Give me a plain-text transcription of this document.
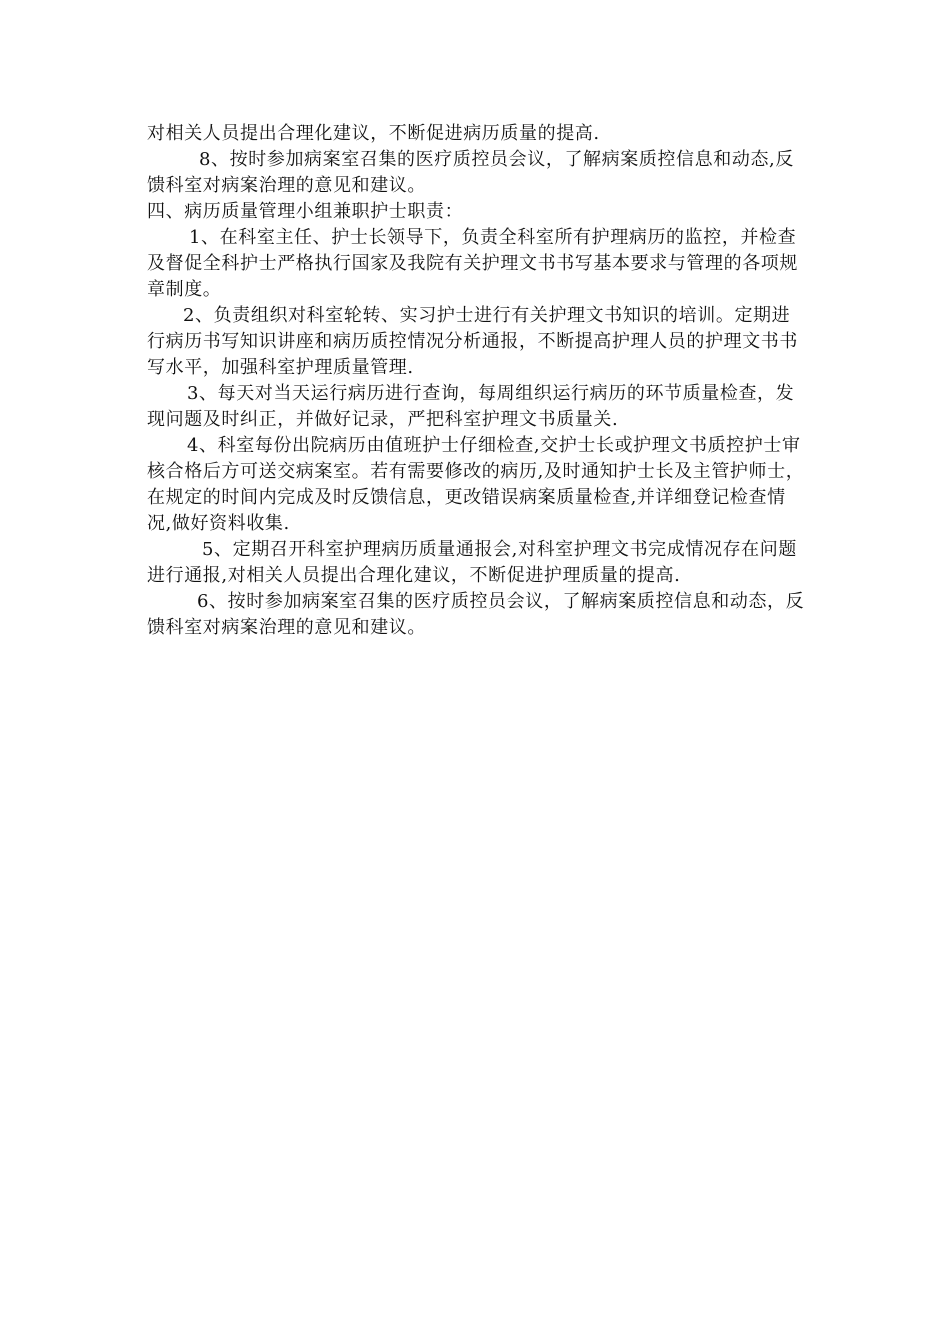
对相关人员提出合理化建议，不断促进病历质量的提高.

8、按时参加病案室召集的医疗质控员会议，了解病案质控信息和动态,反馈科室对病案治理的意见和建议。

四、病历质量管理小组兼职护士职责：

1、在科室主任、护士长领导下，负责全科室所有护理病历的监控，并检查及督促全科护士严格执行国家及我院有关护理文书书写基本要求与管理的各项规章制度。

2、负责组织对科室轮转、实习护士进行有关护理文书知识的培训。定期进行病历书写知识讲座和病历质控情况分析通报，不断提高护理人员的护理文书书写水平，加强科室护理质量管理.

3、每天对当天运行病历进行查询，每周组织运行病历的环节质量检查，发现问题及时纠正，并做好记录，严把科室护理文书质量关.

4、科室每份出院病历由值班护士仔细检查,交护士长或护理文书质控护士审核合格后方可送交病案室。若有需要修改的病历,及时通知护士长及主管护师士，在规定的时间内完成及时反馈信息，更改错误病案质量检查,并详细登记检查情况,做好资料收集.

5、定期召开科室护理病历质量通报会,对科室护理文书完成情况存在问题进行通报,对相关人员提出合理化建议，不断促进护理质量的提高.

6、按时参加病案室召集的医疗质控员会议，了解病案质控信息和动态，反馈科室对病案治理的意见和建议。
